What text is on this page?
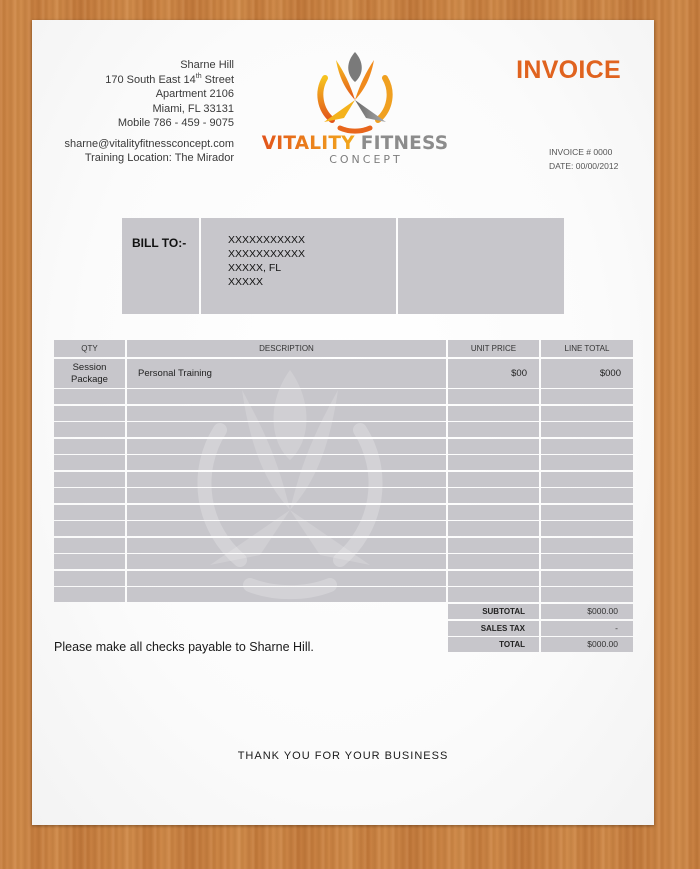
Sharne Hill
170 South East 14th Street
Apartment 2106
Miami, FL 33131
Mobile 786 - 459 - 9075
sharne@vitalityfitnessconcept.com
Training Location: The Mirador
VITALITY FITNESS
CONCEPT
INVOICE
INVOICE # 0000
DATE: 00/00/2012
BILL TO:-	XXXXXXXXXXX
XXXXXXXXXXX
XXXXX, FL
XXXXX
QTY	DESCRIPTION	UNIT PRICE	LINE TOTAL
Session
Package
Personal Training	$00	$000
SUBTOTAL	$000.00
SALES TAX	-
TOTAL	$000.00
Please make all checks payable to Sharne Hill.
THANK YOU FOR YOUR BUSINESS
